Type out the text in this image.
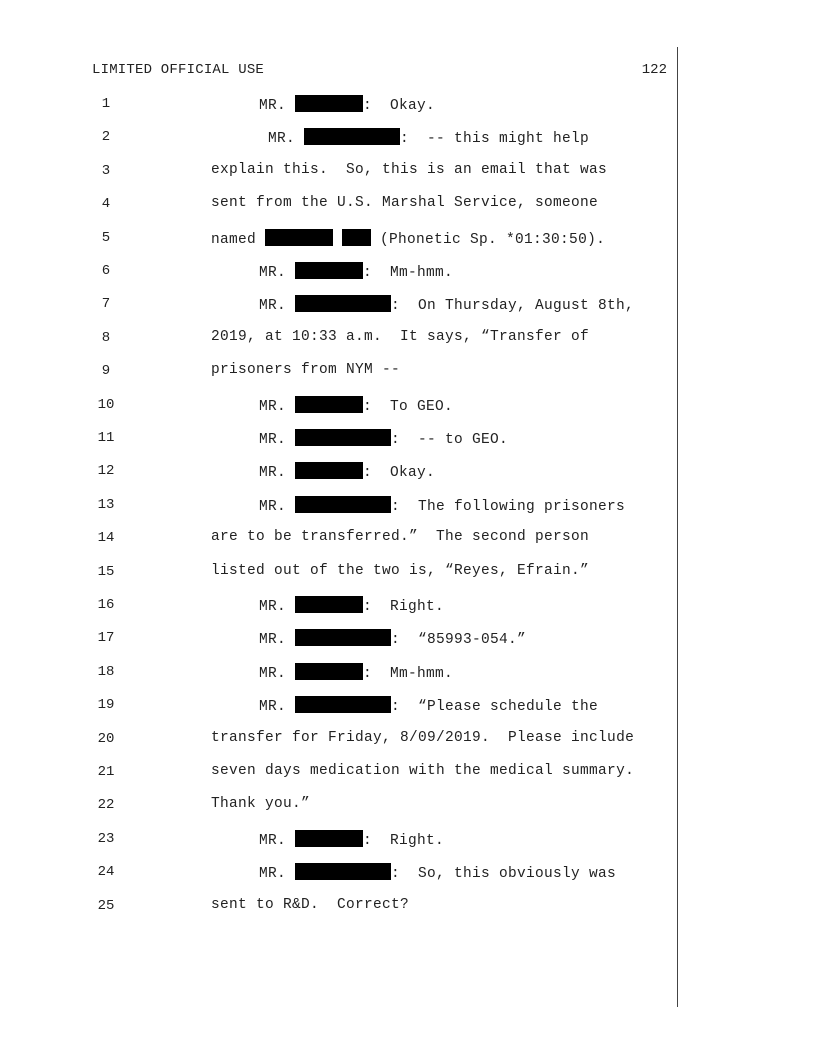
LIMITED OFFICIAL USE	122
1	MR.	:  Okay.
2	MR.	:  -- this might help
3	explain this.  So, this is an email that was
4	sent from the U.S. Marshal Service, someone
5	named	(Phonetic Sp. *01:30:50).
6	MR.	:  Mm-hmm.
7	MR.	:  On Thursday, August 8th,
8	2019, at 10:33 a.m.  It says, “Transfer of
9	prisoners from NYM --
10	MR.	:  To GEO.
11	MR.	:  -- to GEO.
12	MR.	:  Okay.
13	MR.	:  The following prisoners
14	are to be transferred.”  The second person
15	listed out of the two is, “Reyes, Efrain.”
16	MR.	:  Right.
17	MR.	:  “85993-054.”
18	MR.	:  Mm-hmm.
19	MR.	:  “Please schedule the
20	transfer for Friday, 8/09/2019.  Please include
21	seven days medication with the medical summary.
22	Thank you.”
23	MR.	:  Right.
24	MR.	:  So, this obviously was
25	sent to R&D.  Correct?
